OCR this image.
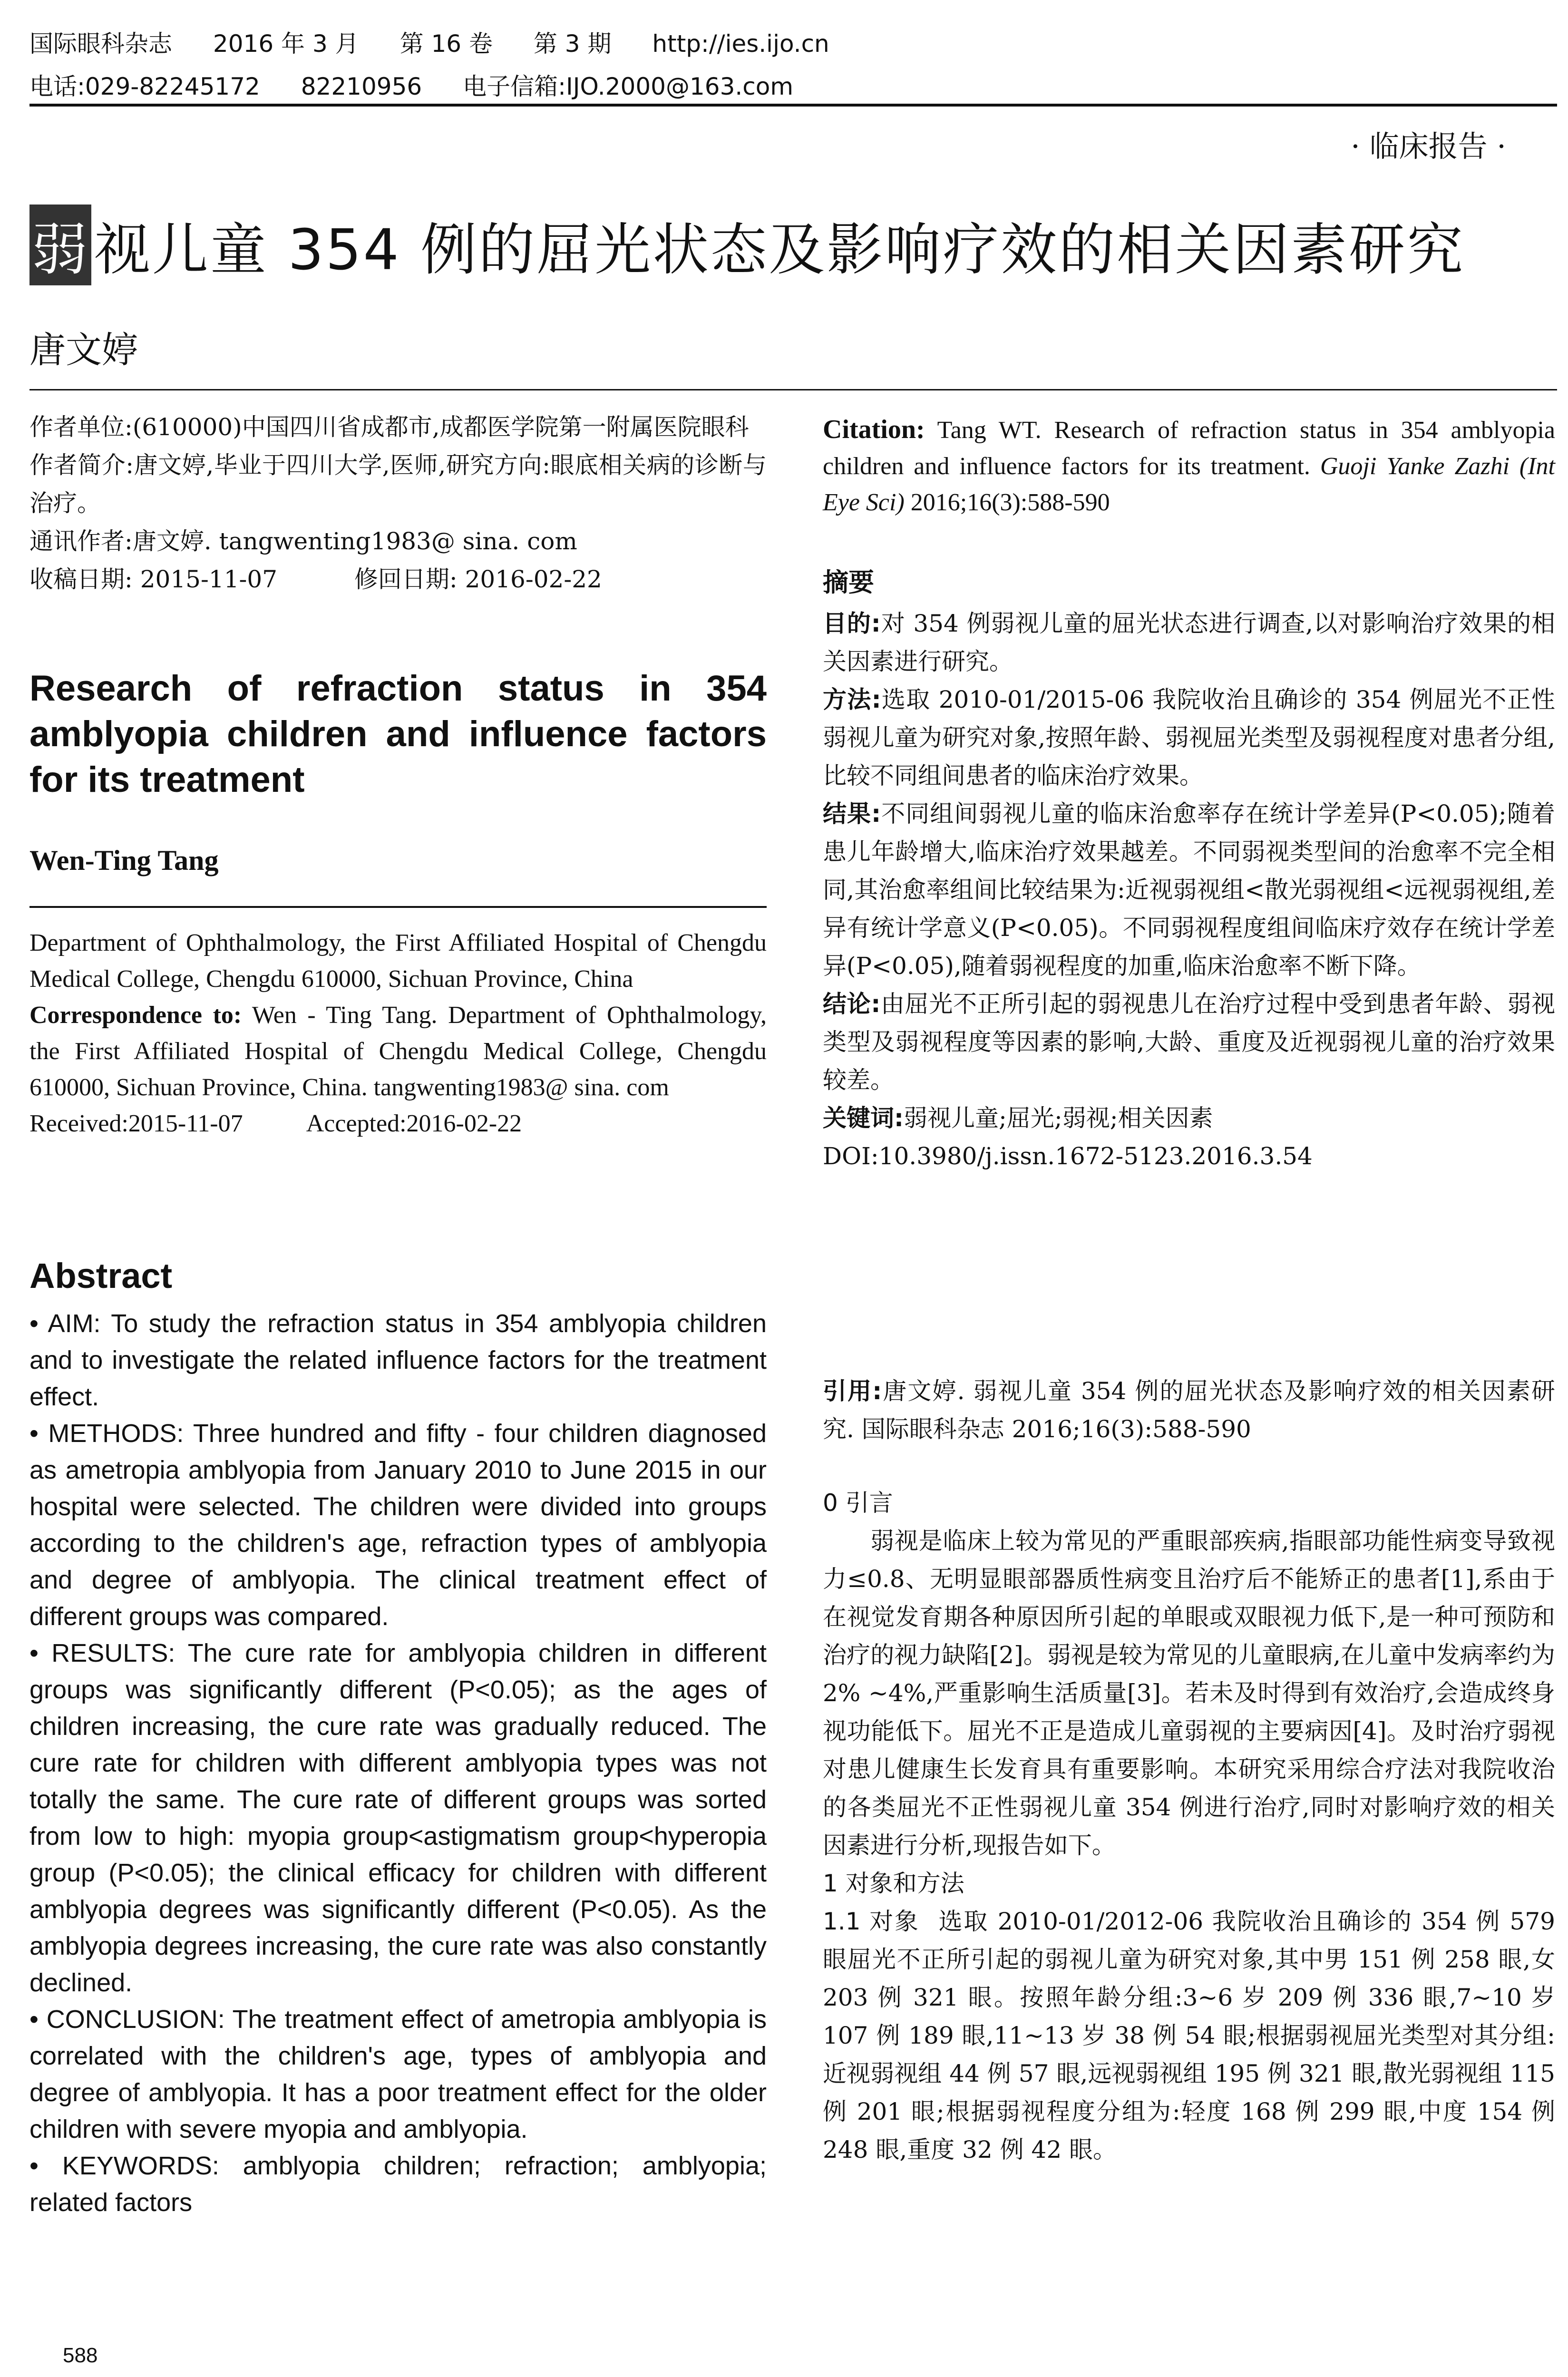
国际眼科杂志 2016 年 3 月 第 16 卷 第 3 期 http://ies.ijo.cn
电话:029-82245172 82210956 电子信箱:IJO.2000@163.com
· 临床报告 ·
弱视儿童 354 例的屈光状态及影响疗效的相关因素研究
唐文婷

作者单位:(610000)中国四川省成都市,成都医学院第一附属医院眼科

作者简介:唐文婷,毕业于四川大学,医师,研究方向:眼底相关病的诊断与治疗。

通讯作者:唐文婷. tangwenting1983@ sina. com

收稿日期: 2015-11-07	修回日期: 2016-02-22

Research of refraction status in 354 amblyopia children and influence factors for its treatment
Wen-Ting Tang

Department of Ophthalmology, the First Affiliated Hospital of Chengdu Medical College, Chengdu 610000, Sichuan Province, China

Correspondence to: Wen - Ting Tang. Department of Ophthalmology, the First Affiliated Hospital of Chengdu Medical College, Chengdu 610000, Sichuan Province, China. tangwenting1983@ sina. com

Received:2015-11-07	Accepted:2016-02-22

Abstract

• AIM: To study the refraction status in 354 amblyopia children and to investigate the related influence factors for the treatment effect.

• METHODS: Three hundred and fifty - four children diagnosed as ametropia amblyopia from January 2010 to June 2015 in our hospital were selected. The children were divided into groups according to the children's age, refraction types of amblyopia and degree of amblyopia. The clinical treatment effect of different groups was compared.

• RESULTS: The cure rate for amblyopia children in different groups was significantly different (P<0.05); as the ages of children increasing, the cure rate was gradually reduced. The cure rate for children with different amblyopia types was not totally the same. The cure rate of different groups was sorted from low to high: myopia group<astigmatism group<hyperopia group (P<0.05); the clinical efficacy for children with different amblyopia degrees was significantly different (P<0.05). As the amblyopia degrees increasing, the cure rate was also constantly declined.

• CONCLUSION: The treatment effect of ametropia amblyopia is correlated with the children's age, types of amblyopia and degree of amblyopia. It has a poor treatment effect for the older children with severe myopia and amblyopia.

• KEYWORDS: amblyopia children; refraction; amblyopia; related factors

588

Citation: Tang WT. Research of refraction status in 354 amblyopia children and influence factors for its treatment. Guoji Yanke Zazhi (Int Eye Sci) 2016;16(3):588-590

摘要

目的:对 354 例弱视儿童的屈光状态进行调查,以对影响治疗效果的相关因素进行研究。

方法:选取 2010-01/2015-06 我院收治且确诊的 354 例屈光不正性弱视儿童为研究对象,按照年龄、弱视屈光类型及弱视程度对患者分组,比较不同组间患者的临床治疗效果。

结果:不同组间弱视儿童的临床治愈率存在统计学差异(P<0.05);随着患儿年龄增大,临床治疗效果越差。不同弱视类型间的治愈率不完全相同,其治愈率组间比较结果为:近视弱视组<散光弱视组<远视弱视组,差异有统计学意义(P<0.05)。不同弱视程度组间临床疗效存在统计学差异(P<0.05),随着弱视程度的加重,临床治愈率不断下降。

结论:由屈光不正所引起的弱视患儿在治疗过程中受到患者年龄、弱视类型及弱视程度等因素的影响,大龄、重度及近视弱视儿童的治疗效果较差。

关键词:弱视儿童;屈光;弱视;相关因素

DOI:10.3980/j.issn.1672-5123.2016.3.54

引用:唐文婷. 弱视儿童 354 例的屈光状态及影响疗效的相关因素研究. 国际眼科杂志 2016;16(3):588-590

0 引言

弱视是临床上较为常见的严重眼部疾病,指眼部功能性病变导致视力≤0.8、无明显眼部器质性病变且治疗后不能矫正的患者[1],系由于在视觉发育期各种原因所引起的单眼或双眼视力低下,是一种可预防和治疗的视力缺陷[2]。弱视是较为常见的儿童眼病,在儿童中发病率约为 2% ~4%,严重影响生活质量[3]。若未及时得到有效治疗,会造成终身视功能低下。屈光不正是造成儿童弱视的主要病因[4]。及时治疗弱视对患儿健康生长发育具有重要影响。本研究采用综合疗法对我院收治的各类屈光不正性弱视儿童 354 例进行治疗,同时对影响疗效的相关因素进行分析,现报告如下。

1 对象和方法

1.1 对象 选取 2010-01/2012-06 我院收治且确诊的 354 例 579 眼屈光不正所引起的弱视儿童为研究对象,其中男 151 例 258 眼,女 203 例 321 眼。按照年龄分组:3~6 岁 209 例 336 眼,7~10 岁 107 例 189 眼,11~13 岁 38 例 54 眼;根据弱视屈光类型对其分组:近视弱视组 44 例 57 眼,远视弱视组 195 例 321 眼,散光弱视组 115 例 201 眼;根据弱视程度分组为:轻度 168 例 299 眼,中度 154 例 248 眼,重度 32 例 42 眼。
